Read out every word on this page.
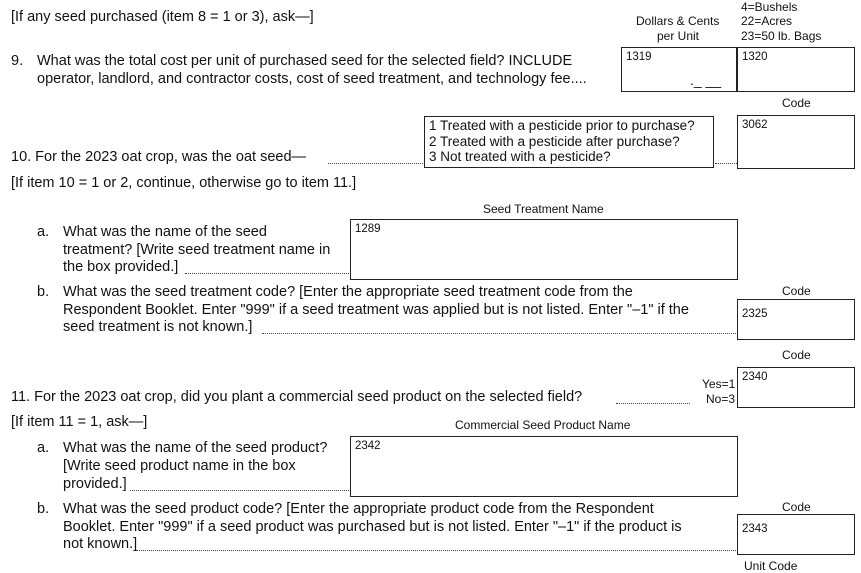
[If any seed purchased (item 8 = 1 or 3), ask—]	Dollars & Cents
per Unit
4=Bushels
22=Acres
23=50 lb. Bags
9. What was the total cost per unit of purchased seed for the selected field? INCLUDE
operator, landlord, and contractor costs, cost of seed treatment, and technology fee....
1319
._ __
1320
Code
1 Treated with a pesticide prior to purchase?
2 Treated with a pesticide after purchase?
3 Not treated with a pesticide?
10. For the 2023 oat crop, was the oat seed—
3062
[If item 10 = 1 or 2, continue, otherwise go to item 11.]
Seed Treatment Name
a. What was the name of the seed
treatment? [Write seed treatment name in
the box provided.]
1289
Code
b. What was the seed treatment code? [Enter the appropriate seed treatment code from the
Respondent Booklet. Enter "999" if a seed treatment was applied but is not listed. Enter "–1" if the
seed treatment is not known.]
2325
Code
Yes=1
No=3
11. For the 2023 oat crop, did you plant a commercial seed product on the selected field?
2340
[If item 11 = 1, ask—]	Commercial Seed Product Name
a. What was the name of the seed product?
[Write seed product name in the box
provided.]
2342
Code
b. What was the seed product code? [Enter the appropriate product code from the Respondent
Booklet. Enter "999" if a seed product was purchased but is not listed. Enter "–1" if the product is
not known.]
2343
Unit Code
